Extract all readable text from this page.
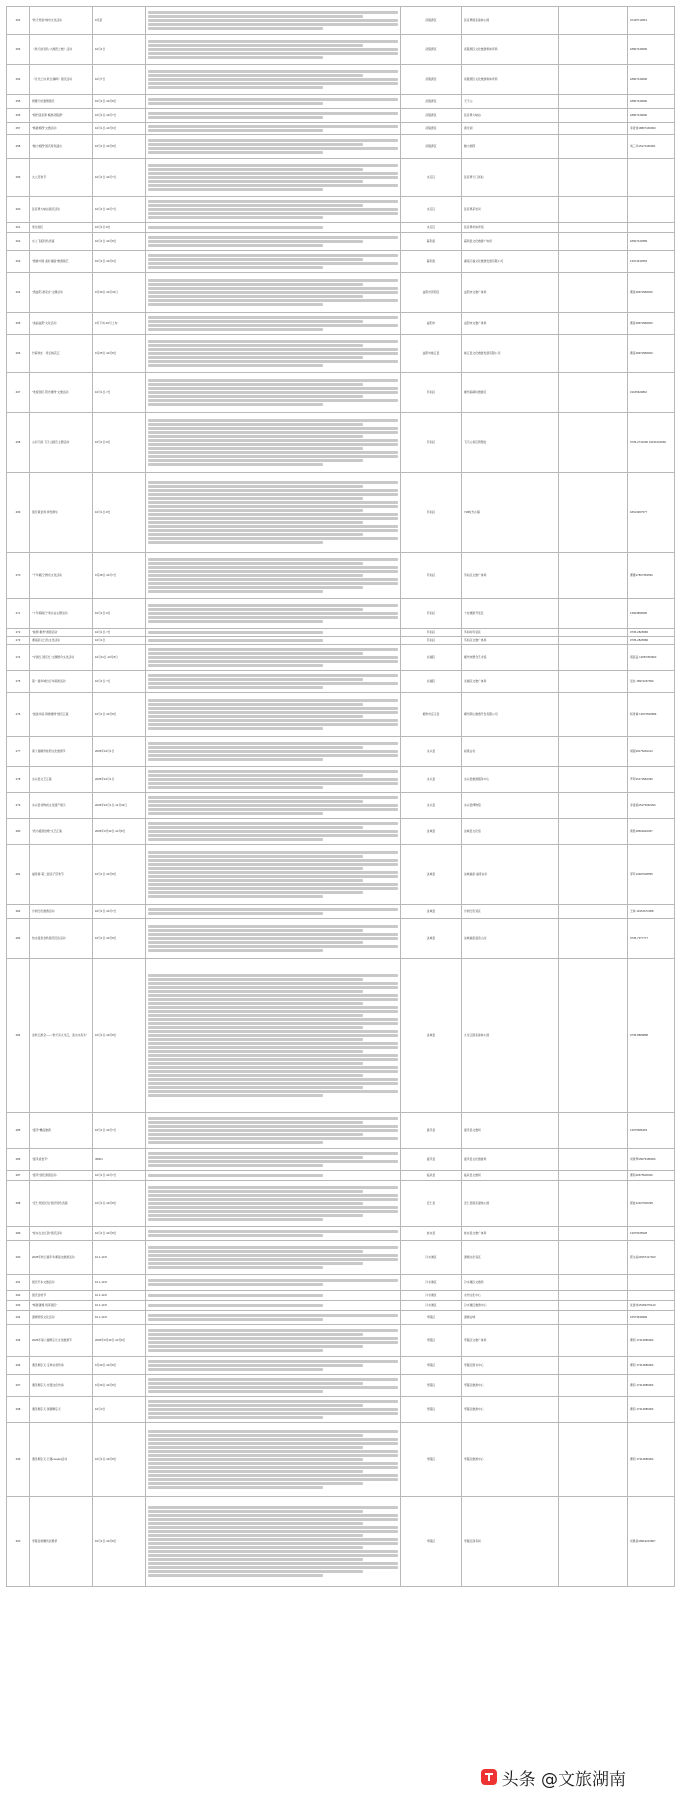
252	"秋天传说"城市文化活动	9月起		武陵源区	张家界国家森林公园		07445712813
253	《秋天的景色·大湘西之旅》活动	10月1日		武陵源区	武陵源区文化旅游和体育局		18807449090
254	《月光之诗·秋日湖畔》国庆活动	10月7日		武陵源区	武陵源区文化旅游和体育局		18807449090
255	燃爆天坑激情国庆	10月1日-10月8日		武陵源区	天子山		18807449090
256	"相约张家界 畅游武陵源"	10月1日-10月7日		武陵源区	张家界大峡谷		18807449090
257	"畅游湘西"文旅活动	10月1日-10月6日		武陵源区	黄龙洞		李香香18807449090
258	"魅力湘西"国庆特色演出	10月1日-10月8日		武陵源区	魅力湘西		刘三华15174460001
259	火人狂欢节	10月1日-10月7日		永定区	张家界天门狐仙		
260	张家界大峡谷国庆活动	10月1日-10月7日		永定区	张家界茅岩河		
261	欢乐国庆	10月1日-8日		永定区	张家界市体育馆		
262	水上飞板特色表演	10月1日-10月8日		慈利县	慈利县文化旅游广电局		18907443589
263	"旅游中国·美好湖南"旅游演艺	10月1日-10月6日		慈利县	湖南万福文化旅游发展有限公司		13974433563
264	"游益阳·游家乡"主题活动	9月30日-10月31日		益阳市资阳区	益阳市文旅广体局		曹蓓18973965000
265	"美丽益阳"文化活动	9月下旬-10月上旬		益阳市	益阳市文旅广体局		曹蓓18973965000
266	竹海欢乐 · 奇幻桃花江	9月25日-10月8日		益阳市桃江县	桃江县文化旅游发展有限公司		曹蓓18973965000
267	"欢度国庆·阳光郴州"文旅活动	10月1日-7日		苏仙区	郴州高椅岭旅游区		19165629810
268	山河天韵·飞天山国庆主题活动	10月1日-8日		苏仙区	飞天山景区管理处		0735-2741696 19151062960
269	国庆黄金周·缤纷游乐	10月1日-8日		苏仙区	718时光小镇		18613967577
270	"千年郴江"群众文化活动	9月28日-10月7日		苏仙区	苏仙区文旅广体局		曹瑾17807353530
271	"十年湘南行"欢乐谷主题活动	10月1日-6日		苏仙区	十村旅游开发区		13823856500
272	"桃源·郴州"游园活动	10月1日-7日		苏仙区	苏仙岭风景区		0735-2826586
273	湘南起义红色文化活动	10月1日		苏仙区	苏仙区文旅广体局		0735-2826586
274	"中国红·国庆红"主题群众文化活动	10月11日-10月8日		北湖区	郴州市群众艺术馆		胡高良 13087354960
275	第一届华城自行车骑游活动	10月1日-7日		北湖区	北湖区文旅广体局		吴东 18974297060
276	"最美华诞·锦绣郴州"国庆汇演	10月1日-10月8日		郴州市宜章县	郴州莽山旅游开发有限公司		杨雪梅 13973533589
277	第十届郴州桂阳文化旅游节	2025年10月1日		永兴县	板梁古村		胡琨18175262413
278	永兴县文艺汇演	2025年10月1日		永兴县	永兴县旅游服务中心		罗翠15173962390
279	永兴县非物质文化遗产展示	2025年10月1日-12月31日		永兴县	永兴县博物馆		李雷娟15173962390
280	"我为祖国放歌"文艺汇演	2025年9月30日-10月8日		汝城县	汝城县文化馆		黄凯18609422367
281	福寿寨·第二届亲子狂欢节	10月1日-10月8日		汝城县	汝城福泉·福寿谷乐		邹苏13487648555
282	沙洲红色旅游活动	10月1日-10月7日		汝城县	沙洲红色景区		王林 19151572008
283	热水温泉金秋国庆民俗活动	10月1日-10月8日		汝城县	汝城福泉温泉山庄		0735-7377777
284	金秋云游会——"秋天有九龙江，流水也有乐"	10月1日-10月8日		汝城县	九龙江国家森林公园		0735-8889888
285	"嘉禾"精品旅游	10月1日-10月7日		嘉禾县	嘉禾县文旅局		13975586353
286	"嘉禾美食节"	45001		嘉禾县	嘉禾县文化旅游局		何梁琴15675458366
287	"嘉禾"国庆游园活动	10月1日-10月7日		临武县	临武县文旅局		曹莉16675530306
288	"安仁传统民俗"国庆特色表演	10月1日-10月8日		安仁县	安仁县国家湿地公园		郭波13107530298
289	"桂东生态红韵"国庆活动	10月1日-10月8日		桂东县	桂东县文旅广体局		13975335528
290	2025年秋日嘉年华湘南文旅游活动	10.1-10.8		冷水滩区	潇湘文化景区		郭文丽18157417400
291	国庆汽车文旅活动	10.1-10.8		冷水滩区	冷水滩区文旅局		
292	国庆金秋节	10.1-10.8		冷水滩区	永州文化中心		
293	"畅游潇湘·悦享国庆"	10.1-10.8		冷水滩区	冷水滩区旅游中心		沈建伟15184379140
294	潇湘传统文化活动	10.1-10.8		零陵区	潇湘古城		15574639999
295	2025年第六届柳宗元文化旅游节	2025年9月30日-10月8日		零陵区	零陵区文旅广体局		曹莉 17314886004
296	遇见柳宗元·宝典书香传承	9月29日-10月8日		零陵区	零陵区图书中心		曹莉 17314886004
297	遇见柳宗元·非遗文化传承	9月29日-10月8日		零陵区	零陵区旅游中心		曹莉 17314886004
298	遇见柳宗元·国潮柳宗元	10月3日		零陵区	零陵区旅游中心		曹莉 17314886004
299	遇见柳宗元·日慕couplet活动	10月1日-10月8日		零陵区	零陵区旅游中心		曹莉 17314886004
300	零陵金秋酬宾消费季	10月1日-10月8日		零陵区	零陵区商务局		何惠美18919201807
头条 @文旅湖南
